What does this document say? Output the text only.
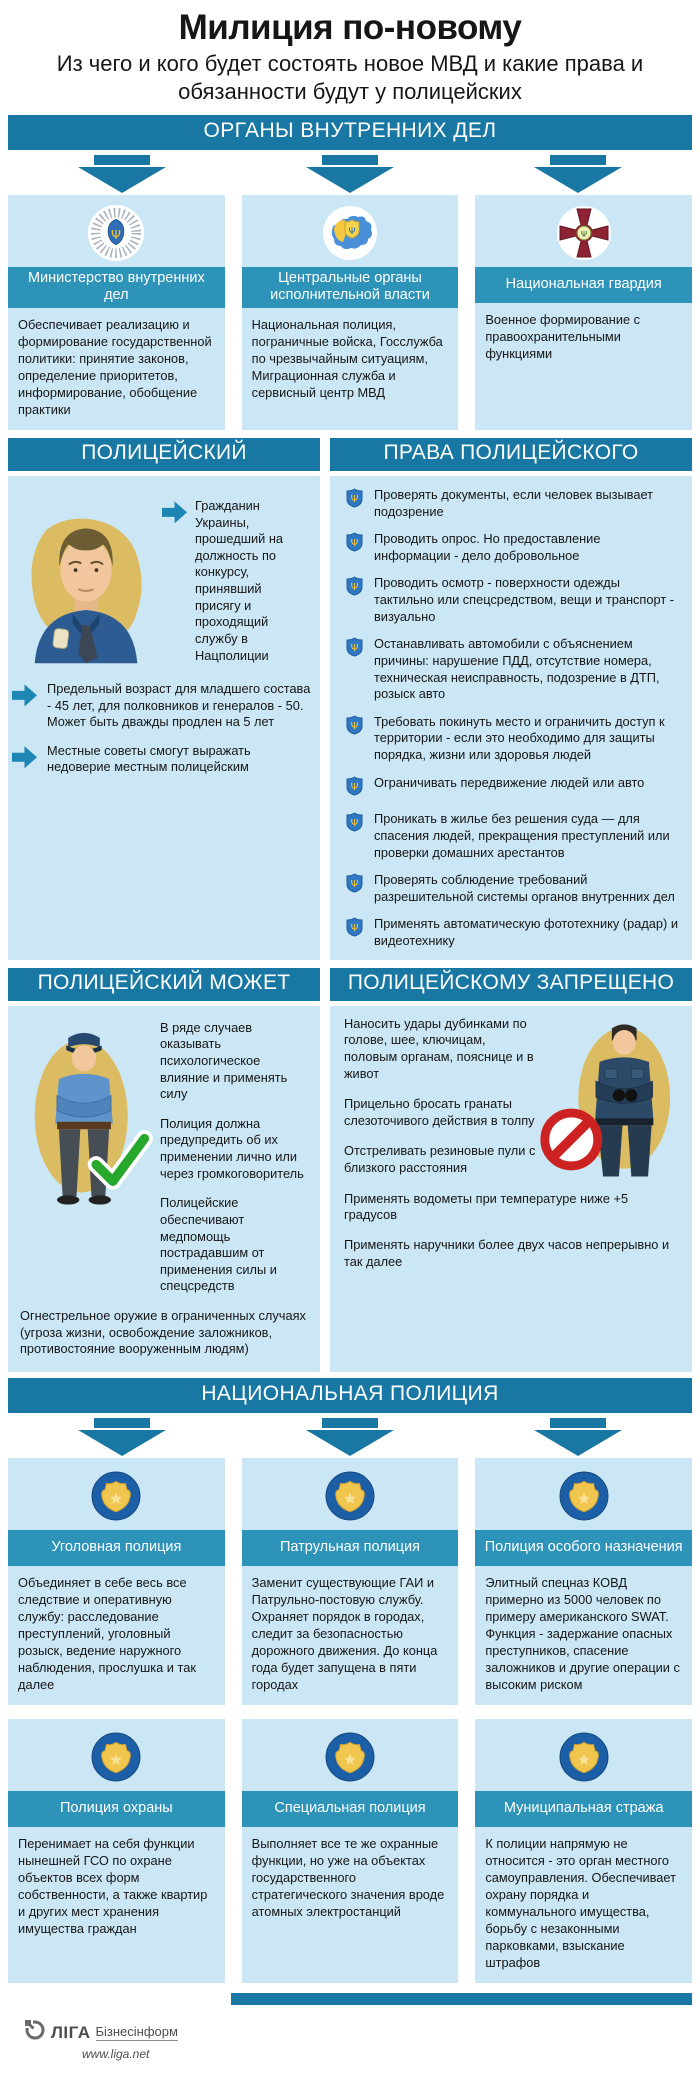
Милиция по-новому
Из чего и кого будет состоять новое МВД и какие права и обязанности будут у полицейских
ОРГАНЫ ВНУТРЕННИХ ДЕЛ
Ψ
Министерство внутренних дел
Обеспечивает реализацию и формирование государственной политики: принятие законов, определение приоритетов, информирование, обобщение практики
Ψ
Центральные органы исполнительной власти
Национальная полиция, пограничные войска, Госслужба по чрезвычайным ситуациям, Миграционная служба и сервисный центр МВД
Ψ
Национальная гвардия
Военное формирование с правоохранительными функциями
ПОЛИЦЕЙСКИЙ
Гражданин Украины, прошедший на должность по конкурсу, принявший присягу и проходящий службу в Нацполиции
Предельный возраст для младшего состава - 45 лет, для полковников и генералов - 50. Может быть дважды продлен на 5 лет
Местные советы смогут выражать недоверие местным полицейским
ПРАВА ПОЛИЦЕЙСКОГО
Ψ Проверять документы, если человек вызывает подозрение
Ψ Проводить опрос. Но предоставление информации - дело добровольное
Ψ Проводить осмотр - поверхности одежды тактильно или спецсредством, вещи и транспорт - визуально
Ψ Останавливать автомобили с объяснением причины: нарушение ПДД, отсутствие номера, техническая неисправность, подозрение в ДТП, розыск авто
Ψ Требовать покинуть место и ограничить доступ к территории - если это необходимо для защиты порядка, жизни или здоровья людей
Ψ Ограничивать передвижение людей или авто
Ψ Проникать в жилье без решения суда — для спасения людей, прекращения преступлений или проверки домашних арестантов
Ψ Проверять соблюдение требований разрешительной системы органов внутренних дел
Ψ Применять автоматическую фототехнику (радар) и видеотехнику
ПОЛИЦЕЙСКИЙ МОЖЕТ

В ряде случаев оказывать психологическое влияние и применять силу

Полиция должна предупредить об их применении лично или через громкоговоритель

Полицейские обеспечивают медпомощь пострадавшим от применения силы и спецсредств

Огнестрельное оружие в ограниченных случаях (угроза жизни, освобождение заложников, противостояние вооруженным людям)
ПОЛИЦЕЙСКОМУ ЗАПРЕЩЕНО

Наносить удары дубинками по голове, шее, ключицам, половым органам, пояснице и в живот

Прицельно бросать гранаты слезоточивого действия в толпу

Отстреливать резиновые пули с близкого расстояния

Применять водометы при температуре ниже +5 градусов

Применять наручники более двух часов непрерывно и так далее

НАЦИОНАЛЬНАЯ ПОЛИЦИЯ
Уголовная полиция
Объединяет в себе весь все следствие и оперативную службу: расследование преступлений, уголовный розыск, ведение наружного наблюдения, прослушка и так далее
Патрульная полиция
Заменит существующие ГАИ и Патрульно-постовую службу. Охраняет порядок в городах, следит за безопасностью дорожного движения. До конца года будет запущена в пяти городах
Полиция особого назначения
Элитный спецназ КОВД примерно из 5000 человек по примеру американского SWAT. Функция - задержание опасных преступников, спасение заложников и другие операции с высоким риском
Полиция охраны
Перенимает на себя функции нынешней ГСО по охране объектов всех форм собственности, а также квартир и других мест хранения имущества граждан
Специальная полиция
Выполняет все те же охранные функции, но уже на объектах государственного стратегического значения вроде атомных электростанций
Муниципальная стража
К полиции напрямую не относится - это орган местного самоуправления. Обеспечивает охрану порядка и коммунального имущества, борьбу с незаконными парковками, взыскание штрафов
ЛІГА Бізнесінформ
www.liga.net
